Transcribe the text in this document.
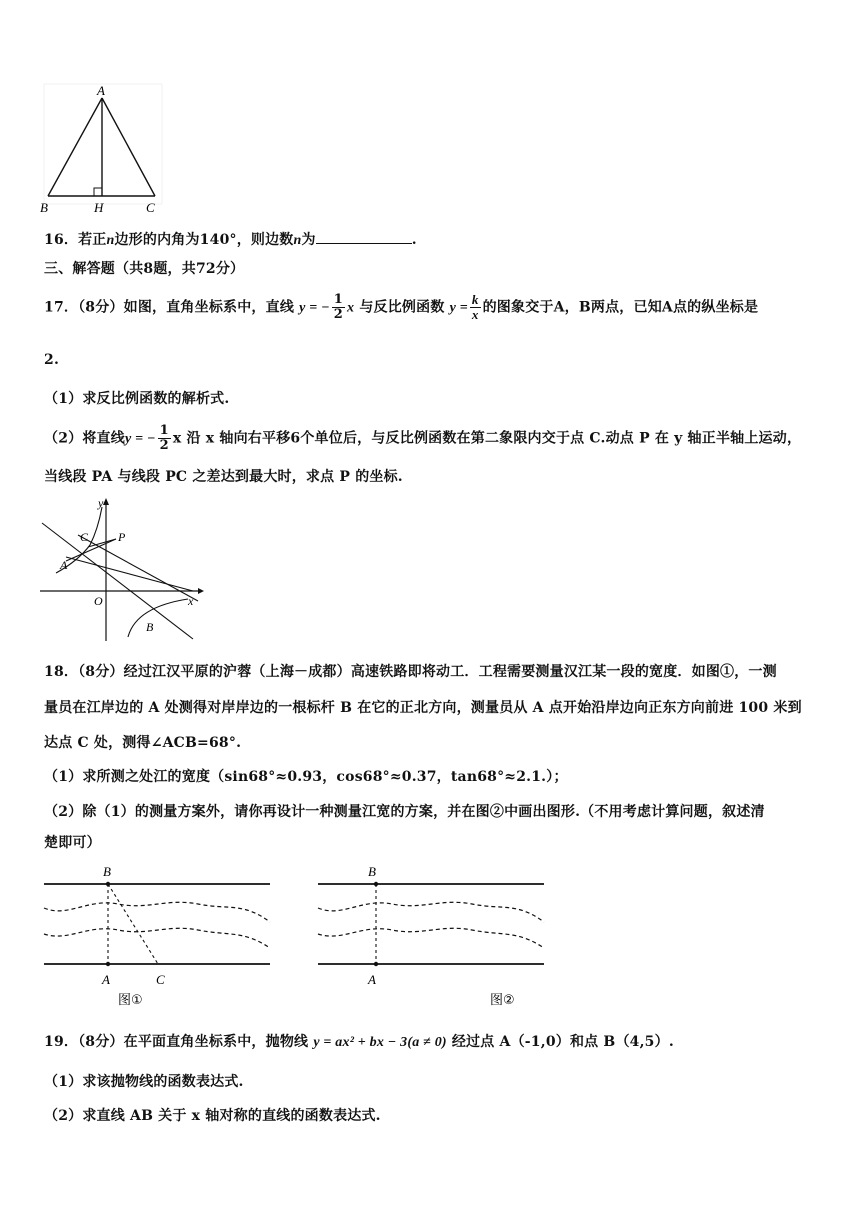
A
B	H	C
16．若正n边形的内角为140°，则边数n为	.
三、解答题（共8题，共72分）
17．（8分）如图，直角坐标系中，直线 y = − $\frac{1}{2}$ x 与反比例函数 $y = \frac{k}{x}$ 的图象交于A，B两点，已知A点的纵坐标是
2.
（1）求反比例函数的解析式.
（2）将直线y = − $\frac{1}{2}$ x 沿 x 轴向右平移6个单位后，与反比例函数在第二象限内交于点 C.动点 P 在 y 轴正半轴上运动，
当线段 PA 与线段 PC 之差达到最大时，求点 P 的坐标.
y
x
O
A
B
C P
18．（8分）经过江汉平原的沪蓉（上海－成都）高速铁路即将动工．工程需要测量汉江某一段的宽度．如图①，一测
量员在江岸边的 A 处测得对岸岸边的一根标杆 B 在它的正北方向，测量员从 A 点开始沿岸边向正东方向前进 100 米到
达点 C 处，测得∠ACB=68°.
（1）求所测之处江的宽度（sin68°≈0.93，cos68°≈0.37，tan68°≈2.1.）；
（2）除（1）的测量方案外，请你再设计一种测量江宽的方案，并在图②中画出图形.（不用考虑计算问题，叙述清
楚即可）
B
A	C
图①
B
A
图②
19．（8分）在平面直角坐标系中，抛物线 y = ax² + bx − 3(a ≠ 0) 经过点 A（-1,0）和点 B（4,5）.
（1）求该抛物线的函数表达式.
（2）求直线 AB 关于 x 轴对称的直线的函数表达式.
